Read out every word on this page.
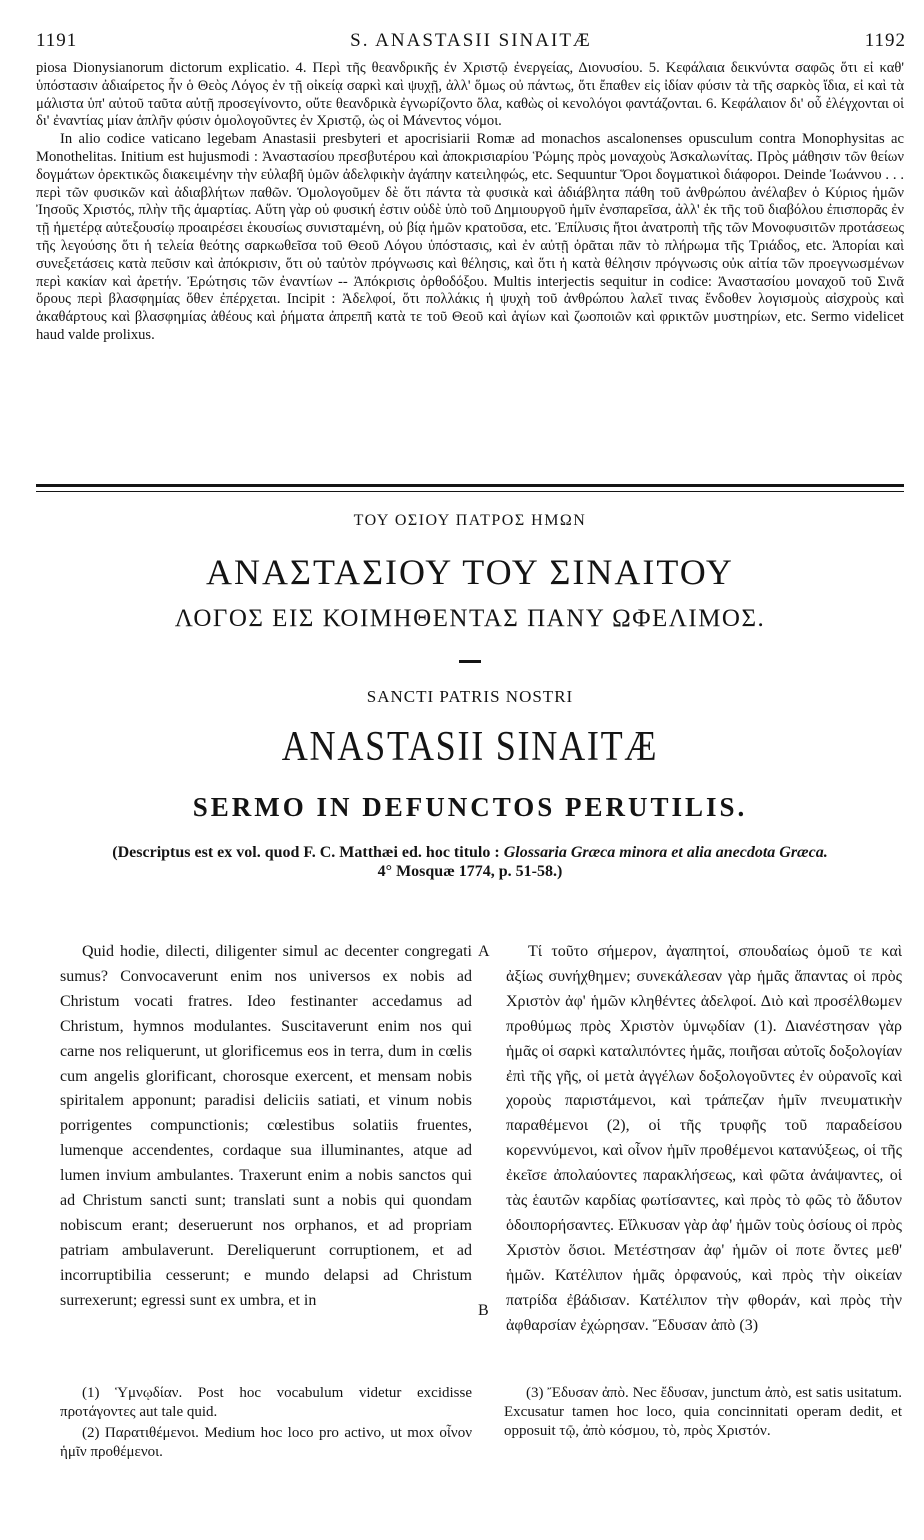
1191	S. ANASTASII SINAITÆ	1192

piosa Dionysianorum dictorum explicatio. 4. Περὶ τῆς θεανδρικῆς ἐν Χριστῷ ἐνεργείας, Διονυσίου. 5. Κεφάλαια δεικνύντα σαφῶς ὅτι εἰ καθ' ὑπόστασιν ἀδιαίρετος ἦν ὁ Θεὸς Λόγος ἐν τῇ οἰκείᾳ σαρκὶ καὶ ψυχῇ, ἀλλ' ὅμως οὐ πάντως, ὅτι ἔπαθεν εἰς ἰδίαν φύσιν τὰ τῆς σαρκὸς ἴδια, εἰ καὶ τὰ μάλιστα ὑπ' αὐτοῦ ταῦτα αὐτῇ προσεγίνοντο, οὔτε θεανδρικὰ ἐγνωρίζοντο ὅλα, καθὼς οἱ κενολόγοι φαντάζονται. 6. Κεφάλαιον δι' οὗ ἐλέγχονται οἱ δι' ἐναντίας μίαν ἁπλῆν φύσιν ὁμολογοῦντες ἐν Χριστῷ, ὡς οἱ Μάνεντος νόμοι.

In alio codice vaticano legebam Anastasii presbyteri et apocrisiarii Romæ ad monachos ascalonenses opusculum contra Monophysitas ac Monothelitas. Initium est hujusmodi : Ἀναστασίου πρεσβυτέρου καὶ ἀποκρισιαρίου Ῥώμης πρὸς μοναχοὺς Ἀσκαλωνίτας. Πρὸς μάθησιν τῶν θείων δογμάτων ὀρεκτικῶς διακειμένην τὴν εὐλαβῆ ὑμῶν ἀδελφικὴν ἀγάπην κατειληφώς, etc. Sequuntur Ὅροι δογματικοὶ διάφοροι. Deinde Ἰωάννου . . . περὶ τῶν φυσικῶν καὶ ἀδιαβλήτων παθῶν. Ὁμολογοῦμεν δὲ ὅτι πάντα τὰ φυσικὰ καὶ ἀδιάβλητα πάθη τοῦ ἀνθρώπου ἀνέλαβεν ὁ Κύριος ἡμῶν Ἰησοῦς Χριστός, πλὴν τῆς ἁμαρτίας. Αὕτη γὰρ οὐ φυσική ἐστιν οὐδὲ ὑπὸ τοῦ Δημιουργοῦ ἡμῖν ἐνσπαρεῖσα, ἀλλ' ἐκ τῆς τοῦ διαβόλου ἐπισπορᾶς ἐν τῇ ἡμετέρᾳ αὐτεξουσίῳ προαιρέσει ἑκουσίως συνισταμένη, οὐ βίᾳ ἡμῶν κρατοῦσα, etc. Ἐπίλυσις ἤτοι ἀνατροπὴ τῆς τῶν Μονοφυσιτῶν προτάσεως τῆς λεγούσης ὅτι ἡ τελεία θεότης σαρκωθεῖσα τοῦ Θεοῦ Λόγου ὑπόστασις, καὶ ἐν αὐτῇ ὁρᾶται πᾶν τὸ πλήρωμα τῆς Τριάδος, etc. Ἀπορίαι καὶ συνεξετάσεις κατὰ πεῦσιν καὶ ἀπόκρισιν, ὅτι οὐ ταὐτὸν πρόγνωσις καὶ θέλησις, καὶ ὅτι ἡ κατὰ θέλησιν πρόγνωσις οὐκ αἰτία τῶν προεγνωσμένων περὶ κακίαν καὶ ἀρετήν. Ἐρώτησις τῶν ἐναντίων -- Ἀπόκρισις ὀρθοδόξου. Multis interjectis sequitur in codice: Ἀναστασίου μοναχοῦ τοῦ Σινᾶ ὄρους περὶ βλασφημίας ὅθεν ἐπέρχεται. Incipit : Ἀδελφοί, ὅτι πολλάκις ἡ ψυχὴ τοῦ ἀνθρώπου λαλεῖ τινας ἔνδοθεν λογισμοὺς αἰσχροὺς καὶ ἀκαθάρτους καὶ βλασφημίας ἀθέους καὶ ῥήματα ἀπρεπῆ κατὰ τε τοῦ Θεοῦ καὶ ἁγίων καὶ ζωοποιῶν καὶ φρικτῶν μυστηρίων, etc. Sermo videlicet haud valde prolixus.

ΤΟΥ ΟΣΙΟΥ ΠΑΤΡΟΣ ΗΜΩΝ
ΑΝΑΣΤΑΣΙΟΥ ΤΟΥ ΣΙΝΑΙΤΟΥ
ΛΟΓΟΣ ΕΙΣ ΚΟΙΜΗΘΕΝΤΑΣ ΠΑΝΥ ΩΦΕΛΙΜΟΣ.
SANCTI PATRIS NOSTRI
ANASTASII SINAITÆ
SERMO IN DEFUNCTOS PERUTILIS.
(Descriptus est ex vol. quod F. C. Matthæi ed. hoc titulo : Glossaria Græca minora et alia anecdota Græca.
4° Mosquæ 1774, p. 51-58.)

Quid hodie, dilecti, diligenter simul ac decenter congregati sumus? Convocaverunt enim nos universos ex nobis ad Christum vocati fratres. Ideo festinanter accedamus ad Christum, hymnos modulantes. Suscitaverunt enim nos qui carne nos reliquerunt, ut glorificemus eos in terra, dum in cœlis cum angelis glorificant, chorosque exercent, et mensam nobis spiritalem apponunt; paradisi deliciis satiati, et vinum nobis porrigentes compunctionis; cœlestibus solatiis fruentes, lumenque accendentes, cordaque sua illuminantes, atque ad lumen invium ambulantes. Traxerunt enim a nobis sanctos qui ad Christum sancti sunt; translati sunt a nobis qui quondam nobiscum erant; deseruerunt nos orphanos, et ad propriam patriam ambulaverunt. Dereliquerunt corruptionem, et ad incorruptibilia cesserunt; e mundo delapsi ad Christum surrexerunt; egressi sunt ex umbra, et in

A
B

Τί τοῦτο σήμερον, ἀγαπητοί, σπουδαίως ὁμοῦ τε καὶ ἀξίως συνήχθημεν; συνεκάλεσαν γὰρ ἡμᾶς ἅπαντας οἱ πρὸς Χριστὸν ἀφ' ἡμῶν κληθέντες ἀδελφοί. Διὸ καὶ προσέλθωμεν προθύμως πρὸς Χριστὸν ὑμνῳδίαν (1). Διανέστησαν γὰρ ἡμᾶς οἱ σαρκὶ καταλιπόντες ἡμᾶς, ποιῆσαι αὐτοῖς δοξολογίαν ἐπὶ τῆς γῆς, οἱ μετὰ ἀγγέλων δοξολογοῦντες ἐν οὐρανοῖς καὶ χοροὺς παριστάμενοι, καὶ τράπεζαν ἡμῖν πνευματικὴν παραθέμενοι (2), οἱ τῆς τρυφῆς τοῦ παραδείσου κορεννύμενοι, καὶ οἶνον ἡμῖν προθέμενοι κατανύξεως, οἱ τῆς ἐκεῖσε ἀπολαύοντες παρακλήσεως, καὶ φῶτα ἀνάψαντες, οἱ τὰς ἑαυτῶν καρδίας φωτίσαντες, καὶ πρὸς τὸ φῶς τὸ ἄδυτον ὁδοιπορήσαντες. Εἵλκυσαν γὰρ ἀφ' ἡμῶν τοὺς ὁσίους οἱ πρὸς Χριστὸν ὅσιοι. Μετέστησαν ἀφ' ἡμῶν οἱ ποτε ὄντες μεθ' ἡμῶν. Κατέλιπον ἡμᾶς ὀρφανούς, καὶ πρὸς τὴν οἰκείαν πατρίδα ἐβάδισαν. Κατέλιπον τὴν φθοράν, καὶ πρὸς τὴν ἀφθαρσίαν ἐχώρησαν. Ἔδυσαν ἀπὸ (3)

(1) Ὑμνῳδίαν. Post hoc vocabulum videtur excidisse προτάγοντες aut tale quid.

(2) Παρατιθέμενοι. Medium hoc loco pro activo, ut mox οἶνον ἡμῖν προθέμενοι.

(3) Ἔδυσαν ἀπὸ. Nec ἔδυσαν, junctum ἀπὸ, est satis usitatum. Excusatur tamen hoc loco, quia concinnitati operam dedit, et opposuit τῷ, ἀπὸ κόσμου, τὸ, πρὸς Χριστόν.
